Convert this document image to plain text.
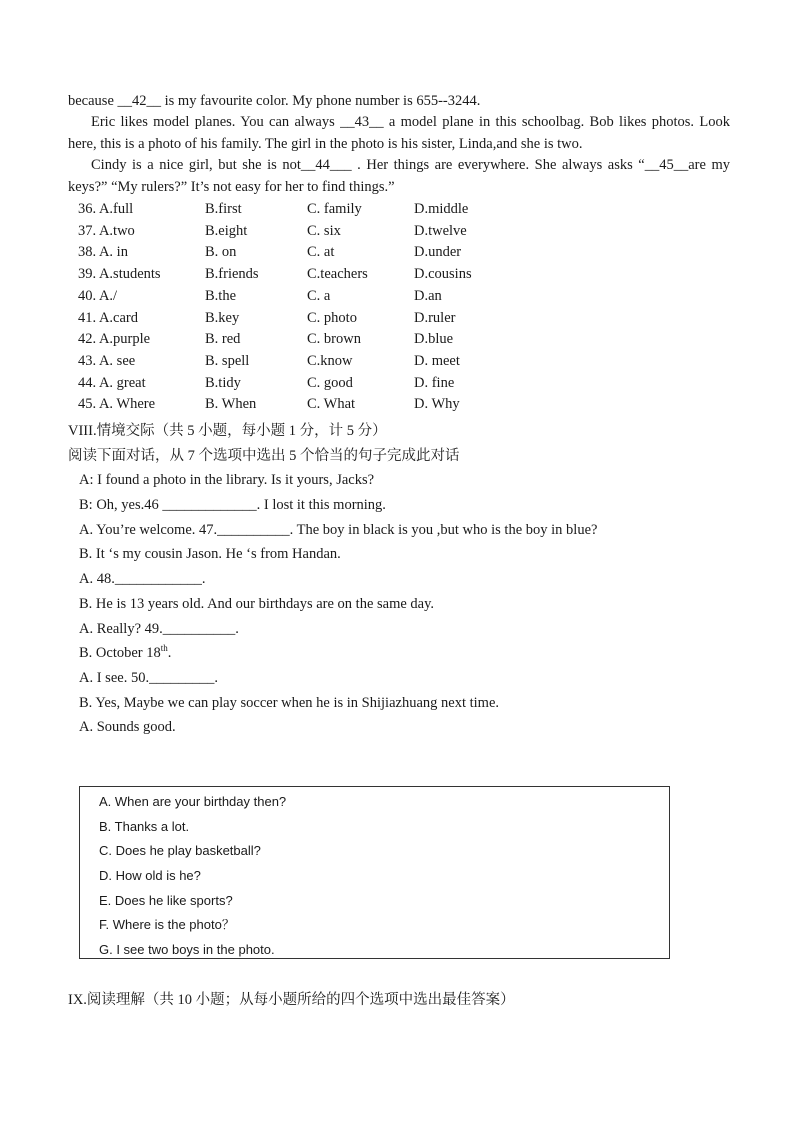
because __42__ is my favourite color. My phone number is 655--3244.
Eric likes model planes. You can always __43__ a model plane in this schoolbag. Bob likes photos. Look here, this is a photo of his family. The girl in the photo is his sister, Linda,and she is two.
Cindy is a nice girl, but she is not__44___ . Her things are everywhere. She always asks “__45__are my keys?” “My rulers?” It’s not easy for her to find things.”
36. A.full	B.first	C. family	D.middle
37. A.two	B.eight	C. six	D.twelve
38. A. in	B. on	C. at	D.under
39. A.students	B.friends	C.teachers	D.cousins
40. A./	B.the	C. a	D.an
41. A.card	B.key	C. photo	D.ruler
42. A.purple	B. red	C. brown	D.blue
43. A. see	B. spell	C.know	D. meet
44. A. great	B.tidy	C. good	D. fine
45. A. Where	B. When	C. What	D. Why
VIII.情境交际（共 5 小题，每小题 1 分，计 5 分）
阅读下面对话，从 7 个选项中选出 5 个恰当的句子完成此对话
A: I found a photo in the library. Is it yours, Jacks?
B: Oh, yes.46 _____________. I lost it this morning.
A. You’re welcome. 47.__________. The boy in black is you ,but who is the boy in blue?
B. It ‘s my cousin Jason. He ‘s from Handan.
A. 48.____________.
B. He is 13 years old. And our birthdays are on the same day.
A. Really? 49.__________.
B. October 18th.
A. I see. 50._________.
B. Yes, Maybe we can play soccer when he is in Shijiazhuang next time.
A. Sounds good.
A. When are your birthday then?
B. Thanks a lot.
C. Does he play basketball?
D. How old is he?
E. Does he like sports?
F. Where is the photo？
G. I see two boys in the photo.
IX.阅读理解（共 10 小题；从每小题所给的四个选项中选出最佳答案）
